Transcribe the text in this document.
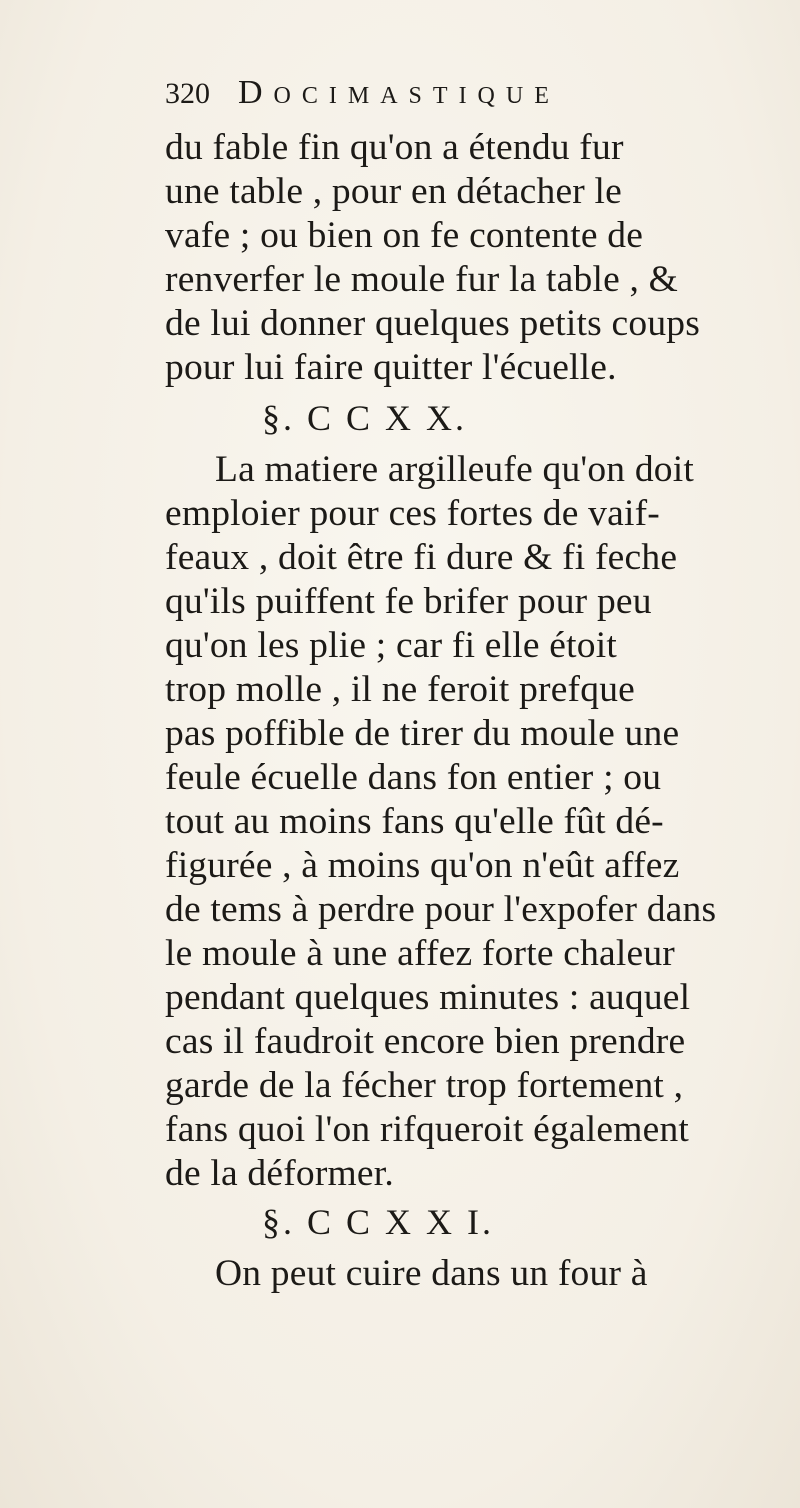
320 Docimastique
du fable fin qu'on a étendu fur
une table , pour en détacher le
vafe ; ou bien on fe contente de
renverfer le moule fur la table , &
de lui donner quelques petits coups
pour lui faire quitter l'écuelle.
§. C C X X.
La matiere argilleufe qu'on doit
emploier pour ces fortes de vaif-
feaux , doit être fi dure & fi feche
qu'ils puiffent fe brifer pour peu
qu'on les plie ; car fi elle étoit
trop molle , il ne feroit prefque
pas poffible de tirer du moule une
feule écuelle dans fon entier ; ou
tout au moins fans qu'elle fût dé-
figurée , à moins qu'on n'eût affez
de tems à perdre pour l'expofer dans
le moule à une affez forte chaleur
pendant quelques minutes : auquel
cas il faudroit encore bien prendre
garde de la fécher trop fortement ,
fans quoi l'on rifqueroit également
de la déformer.
§. C C X X I.
On peut cuire dans un four à
